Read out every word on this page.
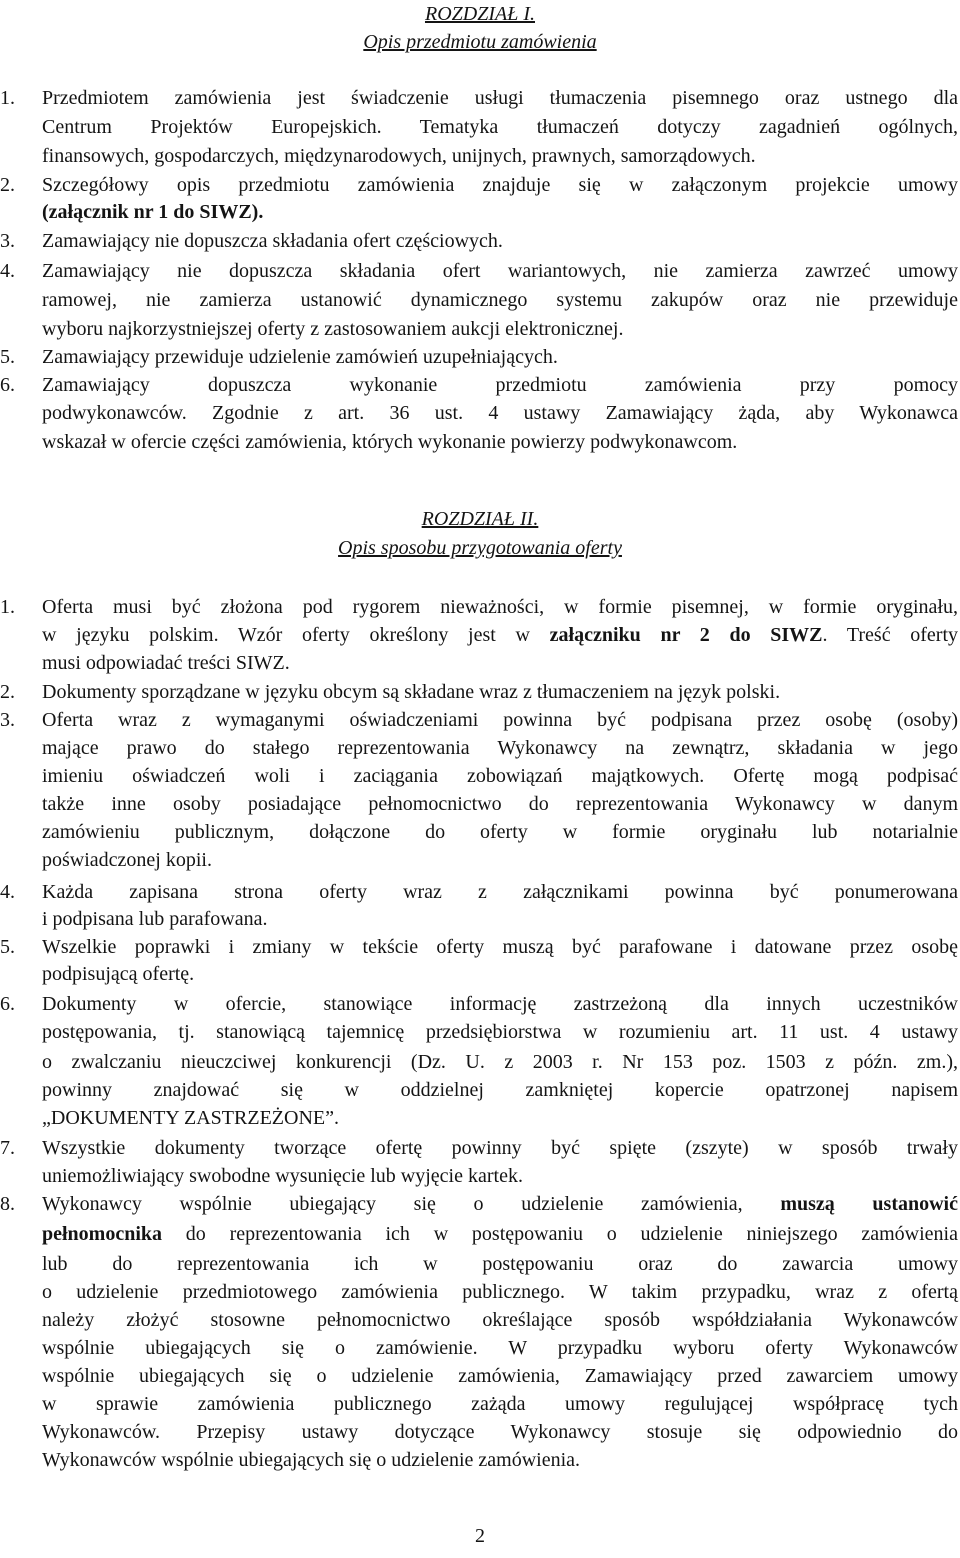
ROZDZIAŁ I.
Opis przedmiotu zamówienia
1. Przedmiotem zamówienia jest świadczenie usługi tłumaczenia pisemnego oraz ustnego dla
Centrum Projektów Europejskich. Tematyka tłumaczeń dotyczy zagadnień ogólnych,
finansowych, gospodarczych, międzynarodowych, unijnych, prawnych, samorządowych.
2. Szczegółowy opis przedmiotu zamówienia znajduje się w załączonym projekcie umowy
(załącznik nr 1 do SIWZ).
3. Zamawiający nie dopuszcza składania ofert częściowych.
4. Zamawiający nie dopuszcza składania ofert wariantowych, nie zamierza zawrzeć umowy
ramowej, nie zamierza ustanowić dynamicznego systemu zakupów oraz nie przewiduje
wyboru najkorzystniejszej oferty z zastosowaniem aukcji elektronicznej.
5. Zamawiający przewiduje udzielenie zamówień uzupełniających.
6. Zamawiający dopuszcza wykonanie przedmiotu zamówienia przy pomocy
podwykonawców. Zgodnie z art. 36 ust. 4 ustawy Zamawiający żąda, aby Wykonawca
wskazał w ofercie części zamówienia, których wykonanie powierzy podwykonawcom.
ROZDZIAŁ II.
Opis sposobu przygotowania oferty
1. Oferta musi być złożona pod rygorem nieważności, w formie pisemnej, w formie oryginału,
w języku polskim. Wzór oferty określony jest w załączniku nr 2 do SIWZ. Treść oferty
musi odpowiadać treści SIWZ.
2. Dokumenty sporządzane w języku obcym są składane wraz z tłumaczeniem na język polski.
3. Oferta wraz z wymaganymi oświadczeniami powinna być podpisana przez osobę (osoby)
mające prawo do stałego reprezentowania Wykonawcy na zewnątrz, składania w jego
imieniu oświadczeń woli i zaciągania zobowiązań majątkowych. Ofertę mogą podpisać
także inne osoby posiadające pełnomocnictwo do reprezentowania Wykonawcy w danym
zamówieniu publicznym, dołączone do oferty w formie oryginału lub notarialnie
poświadczonej kopii.
4. Każda zapisana strona oferty wraz z załącznikami powinna być ponumerowana
i podpisana lub parafowana.
5. Wszelkie poprawki i zmiany w tekście oferty muszą być parafowane i datowane przez osobę
podpisującą ofertę.
6. Dokumenty w ofercie, stanowiące informację zastrzeżoną dla innych uczestników
postępowania, tj. stanowiącą tajemnicę przedsiębiorstwa w rozumieniu art. 11 ust. 4 ustawy
o zwalczaniu nieuczciwej konkurencji (Dz. U. z 2003 r. Nr 153 poz. 1503 z późn. zm.),
powinny znajdować się w oddzielnej zamkniętej kopercie opatrzonej napisem
„DOKUMENTY ZASTRZEŻONE”.
7. Wszystkie dokumenty tworzące ofertę powinny być spięte (zszyte) w sposób trwały
uniemożliwiający swobodne wysunięcie lub wyjęcie kartek.
8. Wykonawcy wspólnie ubiegający się o udzielenie zamówienia, muszą ustanowić
pełnomocnika do reprezentowania ich w postępowaniu o udzielenie niniejszego zamówienia
lub do reprezentowania ich w postępowaniu oraz do zawarcia umowy
o udzielenie przedmiotowego zamówienia publicznego. W takim przypadku, wraz z ofertą
należy złożyć stosowne pełnomocnictwo określające sposób współdziałania Wykonawców
wspólnie ubiegających się o zamówienie. W przypadku wyboru oferty Wykonawców
wspólnie ubiegających się o udzielenie zamówienia, Zamawiający przed zawarciem umowy
w sprawie zamówienia publicznego zażąda umowy regulującej współpracę tych
Wykonawców. Przepisy ustawy dotyczące Wykonawcy stosuje się odpowiednio do
Wykonawców wspólnie ubiegających się o udzielenie zamówienia.
2
